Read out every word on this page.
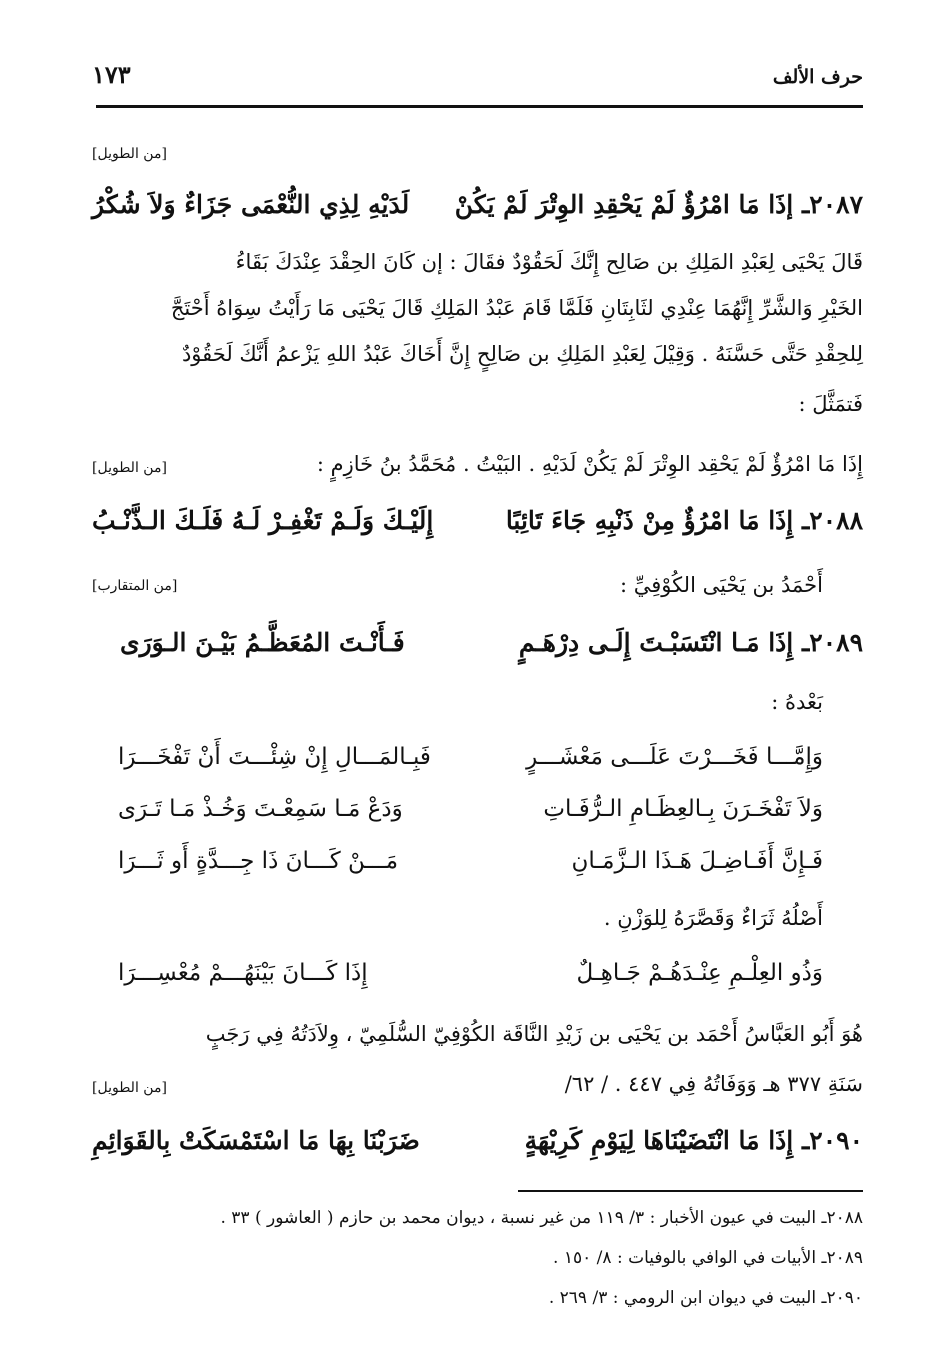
حرف الألف
١٧٣
[من الطويل]
٢٠٨٧ـ إذَا مَا امْرُؤٌ لَمْ يَحْقِدِ الوِتْرَ لَمْ يَكُنْ
لَدَيْهِ لِذِي النُّعْمَى جَزَاءٌ وَلاَ شُكْرُ
قَالَ يَحْيَى لِعَبْدِ المَلِكِ بن صَالِح إِنَّكَ لَحَقُوْدٌ فقَالَ : إن كَانَ الحِقْدَ عِنْدَكَ بَقَاءُ
الخَيْرِ وَالشَّرِّ إِنَّهُمَا عِنْدِي لثَابِتَانِ فَلَمَّا قَامَ عَبْدُ المَلِكِ قَالَ يَحْيَى مَا رَأَيْتُ سِوَاهُ أَحْتَجَّ
لِلحِقْدِ حَتَّى حَسَّنَهُ . وَقِيْلَ لِعَبْدِ المَلِكِ بن صَالِحٍ إِنَّ أَخَاكَ عَبْدُ اللهِ يَزْعمُ أَنَّكَ لَحَقُوْدٌ
فَتمَثَّلَ :
إِذَا مَا امْرُؤٌ لَمْ يَحْقِد الوِتْرَ لَمْ يَكُنْ لَدَيْهِ . البَيْتُ . مُحَمَّدُ بنُ خَازِمٍ :
[من الطويل]
٢٠٨٨ـ إِذَا مَا امْرُؤٌ مِنْ ذَنْبِهِ جَاءَ تَائِبًا
إِلَيْـكَ وَلَـمْ تَغْفِـرْ لَـهُ فَلَـكَ الـذَّنْـبُ
أَحْمَدُ بن يَحْيَى الكُوْفِيِّ :
[من المتقارب]
٢٠٨٩ـ إِذَا مَـا انْتَسَبْـتَ إِلَـى دِرْهَـمٍ
فَـأَنْـتَ المُعَظَّـمُ بَيْـنَ الـوَرَى
بَعْدهُ :
وَإِمَّـــا فَخَـــرْتَ عَلَـــى مَعْشَـــرٍ
فَبِـالمَـــالِ إِنْ شِئْـــتَ أَنْ تَفْخَـــرَا
وَلاَ تَفْخَـرَنَ بِـالعِظَـامِ الـرُّفَـاتِ
وَدَعْ مَـا سَمِعْـتَ وَخُـذْ مَـا تَـرَى
فَـإِنَّ أَفَـاضِـلَ هَـذَا الـزَّمَـانِ
مَـــنْ كَـــانَ ذَا جِـــدَّةٍ أَو ثَـــرَا
أَصْلُهُ ثَرَاءٌ وَقَصَّرَهُ لِلوَزْنِ .
وَذُو العِلْـمِ عِنْـدَهُـمْ جَـاهِـلٌ
إِذَا كَـــانَ بَيْنَهُـــمْ مُعْسِـــرَا
هُوَ أَبُو العَبَّاسُ أَحْمَد بن يَحْيَى بن زَيْدِ النَّاقَة الكُوْفِيّ السُّلَمِيّ ، وِلاَدَتُهُ فِي رَجَبٍ
سَنَةِ ٣٧٧ هـ وَوَفَاتُهُ فِي ٤٤٧ . / ٦٢/
[من الطويل]
٢٠٩٠ـ إِذَا مَا انْتَضَيْنَاهَا لِيَوْمِ كَرِيْهَةٍ
ضَرَبْنَا بِهَا مَا اسْتَمْسَكَتْ بِالقَوَائِمِ
٢٠٨٨ـ البيت في عيون الأخبار : ٣/ ١١٩ من غير نسبة ، ديوان محمد بن حازم ( العاشور ) ٣٣ .
٢٠٨٩ـ الأبيات في الوافي بالوفيات : ٨/ ١٥٠ .
٢٠٩٠ـ البيت في ديوان ابن الرومي : ٣/ ٢٦٩ .
